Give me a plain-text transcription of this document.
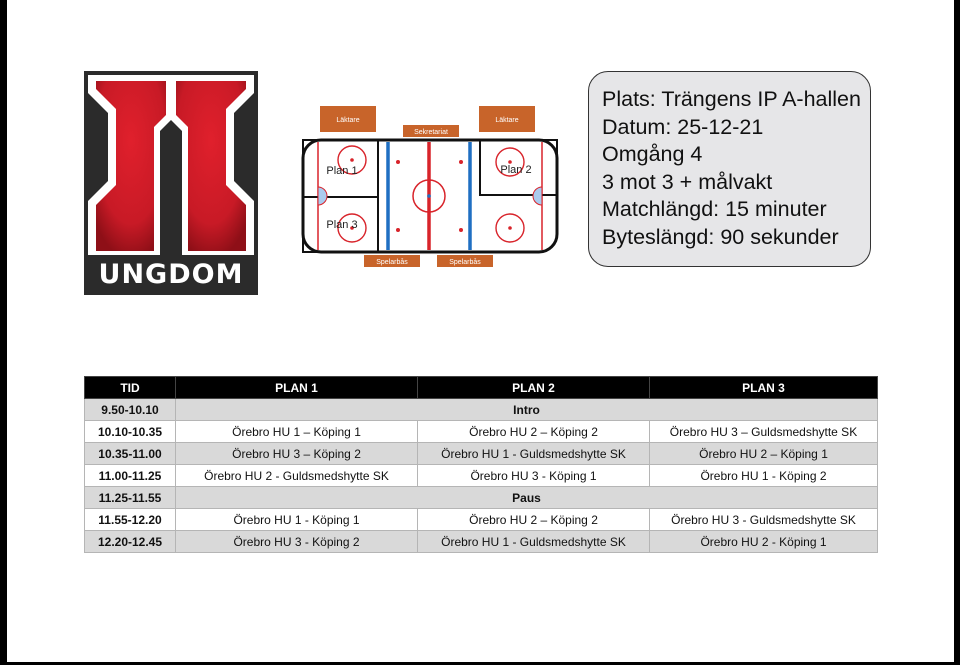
UNGDOM
Läktare	Läktare
Sekretariat
Plan 1
Plan 3
Plan 2
Spelarbås	Spelarbås
Plats: Trängens IP A-hallen
Datum: 25-12-21
Omgång 4
3 mot 3 + målvakt
Matchlängd: 15 minuter
Byteslängd: 90 sekunder
TID	PLAN 1	PLAN 2	PLAN 3
9.50-10.10	Intro		
10.10-10.35	Örebro HU 1 – Köping 1	Örebro HU 2 – Köping 2	Örebro HU 3 – Guldsmedshytte SK
10.35-11.00	Örebro HU 3 – Köping 2	Örebro HU 1 - Guldsmedshytte SK	Örebro HU 2 – Köping 1
11.00-11.25	Örebro HU 2 - Guldsmedshytte SK	Örebro HU 3 - Köping 1	Örebro HU 1 - Köping 2
11.25-11.55	Paus		
11.55-12.20	Örebro HU 1 - Köping 1	Örebro HU 2 – Köping 2	Örebro HU 3 - Guldsmedshytte SK
12.20-12.45	Örebro HU 3 - Köping 2	Örebro HU 1 - Guldsmedshytte SK	Örebro HU 2 - Köping 1
